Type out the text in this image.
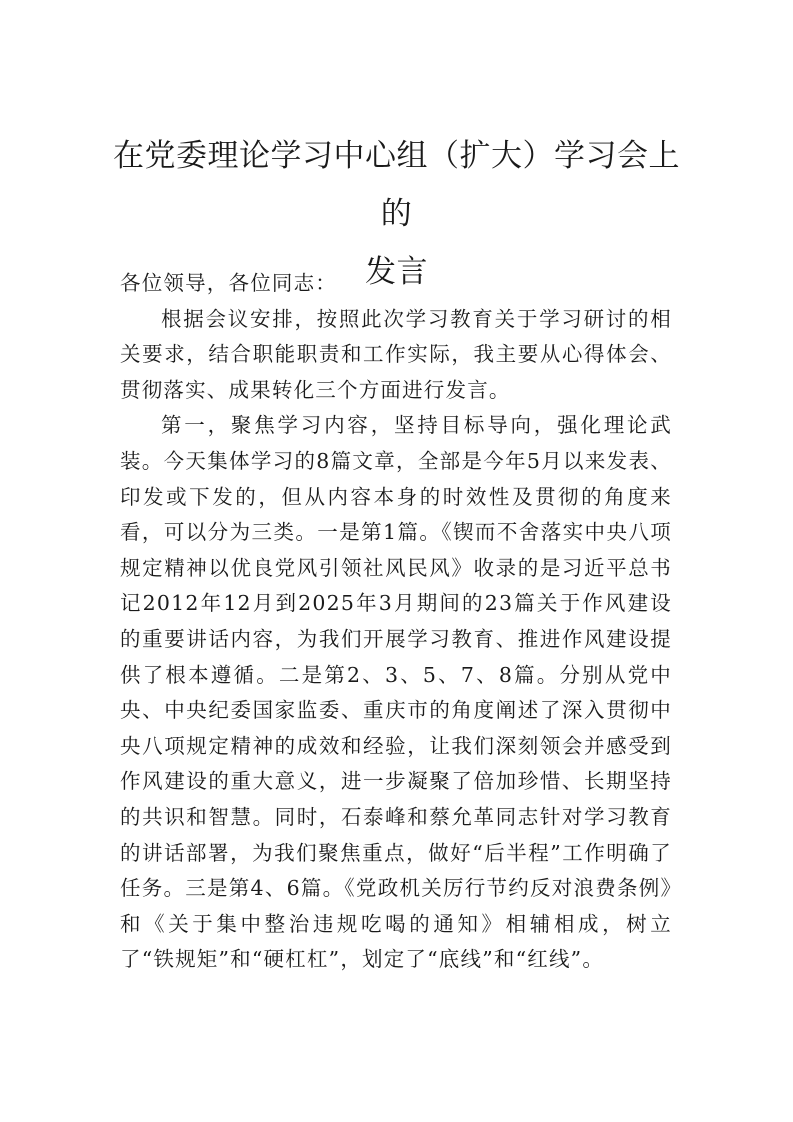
在党委理论学习中心组（扩大）学习会上的
发言

各位领导，各位同志：

根据会议安排，按照此次学习教育关于学习研讨的相关要求，结合职能职责和工作实际，我主要从心得体会、贯彻落实、成果转化三个方面进行发言。

第一，聚焦学习内容，坚持目标导向，强化理论武装。今天集体学习的8篇文章，全部是今年5月以来发表、印发或下发的，但从内容本身的时效性及贯彻的角度来看，可以分为三类。一是第1篇。《锲而不舍落实中央八项规定精神以优良党风引领社风民风》收录的是习近平总书记2012年12月到2025年3月期间的23篇关于作风建设的重要讲话内容，为我们开展学习教育、推进作风建设提供了根本遵循。二是第2、3、5、7、8篇。分别从党中央、中央纪委国家监委、重庆市的角度阐述了深入贯彻中央八项规定精神的成效和经验，让我们深刻领会并感受到作风建设的重大意义，进一步凝聚了倍加珍惜、长期坚持的共识和智慧。同时，石泰峰和蔡允革同志针对学习教育的讲话部署，为我们聚焦重点，做好“后半程”工作明确了任务。三是第4、6篇。《党政机关厉行节约反对浪费条例》和《关于集中整治违规吃喝的通知》相辅相成，树立了“铁规矩”和“硬杠杠”，划定了“底线”和“红线”。
